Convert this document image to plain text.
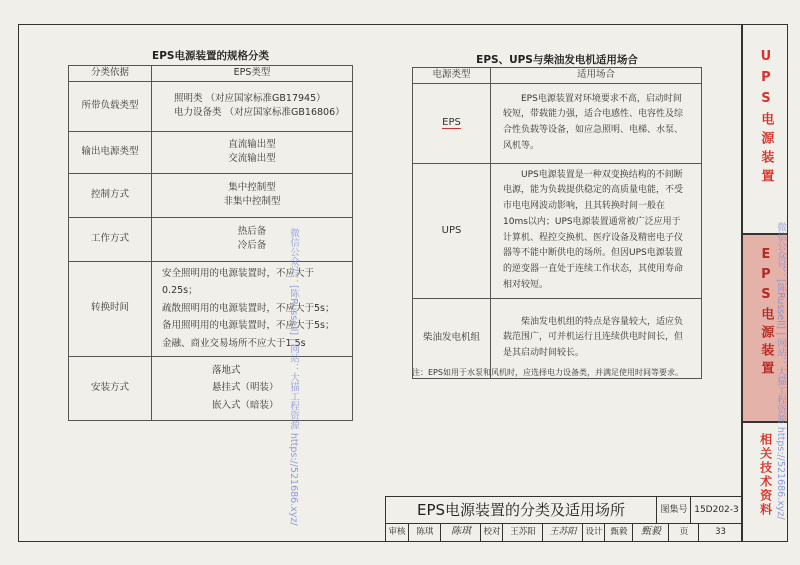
EPS电源装置的规格分类
分类依据	EPS类型
所带负载类型	照明类 （对应国家标准GB17945）
电力设备类 （对应国家标准GB16806）

输出电源类型	直流输出型
交流输出型

控制方式	集中控制型
非集中控制型

工作方式	热后备
冷后备

转换时间	安全照明用的电源装置时，不应大于0.25s；
疏散照明用的电源装置时，不应大于5s；
备用照明用的电源装置时，不应大于5s；
金融、商业交易场所不应大于1.5s

安装方式	落地式
悬挂式（明装）
嵌入式（暗装）
EPS、UPS与柴油发电机适用场合
电源类型	适用场合
EPS	EPS电源装置对环境要求不高，启动时间较短，带载能力强，适合电感性、电容性及综合性负载等设备，如应急照明、电梯、水泵、风机等。
UPS	UPS电源装置是一种双变换结构的不间断电源，能为负载提供稳定的高质量电能，不受市电电网波动影响，且其转换时间一般在10ms以内；UPS电源装置通常被广泛应用于计算机、程控交换机、医疗设备及精密电子仪器等不能中断供电的场所。但因UPS电源装置的逆变器一直处于连续工作状态，其使用寿命相对较短。
柴油发电机组	柴油发电机组的特点是容量较大，适应负载范围广，可并机运行且连续供电时间长，但是其启动时间较长。
注：EPS如用于水泵和风机时，应选择电力设备类，并满足使用时间等要求。
UPS电源装置
EPS电源装置
相关技术资料
EPS电源装置的分类及适用场所	图集号 15D202-3
审核	陈琪	陈琪	校对	王苏阳	王苏阳	设计 甄毅	甄毅	页	33
微信公众号：[陈Russell] | 网站：大猫工程资源 https://521686.xyz/	微信公众号：[陈Russell] | 网站：大猫工程资源 https://521686.xyz/
